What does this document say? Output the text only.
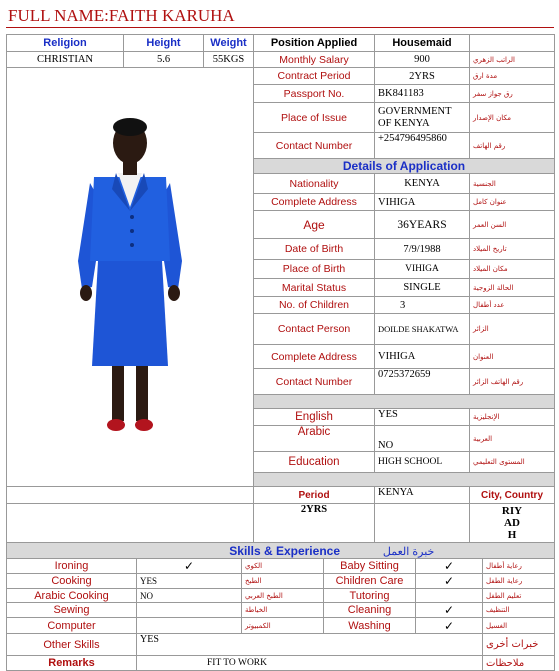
FULL NAME:FAITH KARUHA
Religion	Height	Weight	Position Applied	Housemaid	
CHRISTIAN	5.6	55KGS	Monthly Salary	900	الراتب الزهري
	Contract Period	2YRS	مدة ارق
			Passport No.	BK841183	رق جواز سفر
			Place of Issue	GOVERNMENT OF KENYA	مكان الإصدار
			Contact Number	+254796495860	رقم الهاتف
			Details of Application		
			Nationality	KENYA	الجنسية
			Complete Address	VIHIGA	عنوان كامل
			Age	36YEARS	السن العمر
			Date of Birth	7/9/1988	تاريخ الميلاد
			Place of Birth	VIHIGA	مكان الميلاد
			Marital Status	SINGLE	الحالة الزوجية
			No. of Children	3	عدد أطفال
			Contact Person	DOILDE SHAKATWA	الزائر
			Complete Address	VIHIGA	العنوان
			Contact Number	0725372659	رقم الهاتف الزائر

			English	YES	الإنجليزية
			Arabic	NO	العربية
			Education	HIGH SCHOOL	المستوى التعليمي

			Period	KENYA	City, Country
			2YRS		RIYADH
Skills & Experience خبرة العمل					
Ironing	✓	الكوي	Baby Sitting	✓	رعاية أطفال
Cooking	YES	الطبخ	Children Care	✓	رعاية الطفل
Arabic Cooking	NO	الطبخ العربي	Tutoring		تعليم الطفل
Sewing		الخياطة	Cleaning	✓	التنظيف
Computer		الكمبيوتر	Washing	✓	الغسيل
Other Skills	YES				خبرات أخرى
Remarks	FIT TO WORK				ملاحظات
